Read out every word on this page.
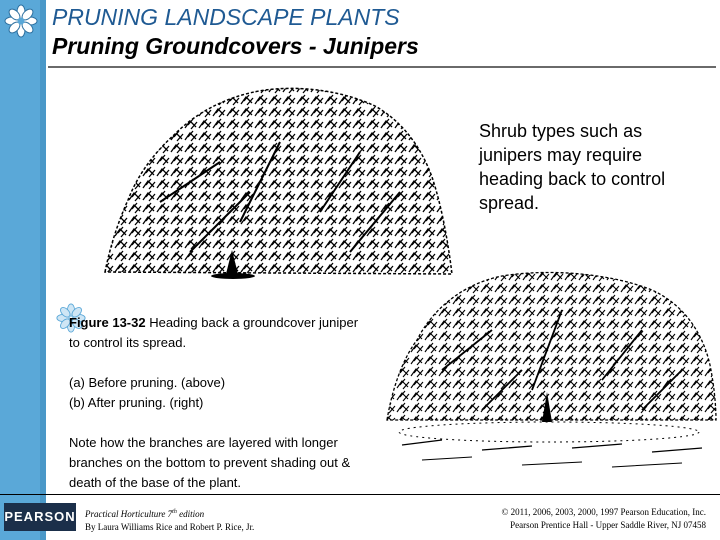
PRUNING LANDSCAPE PLANTS
Pruning Groundcovers - Junipers
Shrub types such as junipers may require heading back to control spread.

Figure 13-32 Heading back a groundcover juniper to control its spread.

(a) Before pruning. (above)

(b) After pruning. (right)

Note how the branches are layered with longer branches on the bottom to prevent shading out & death of the base of the plant.

PEARSON Practical Horticulture 7th edition
By Laura Williams Rice and Robert P. Rice, Jr.
© 2011, 2006, 2003, 2000, 1997 Pearson Education, Inc.
Pearson Prentice Hall - Upper Saddle River, NJ 07458
